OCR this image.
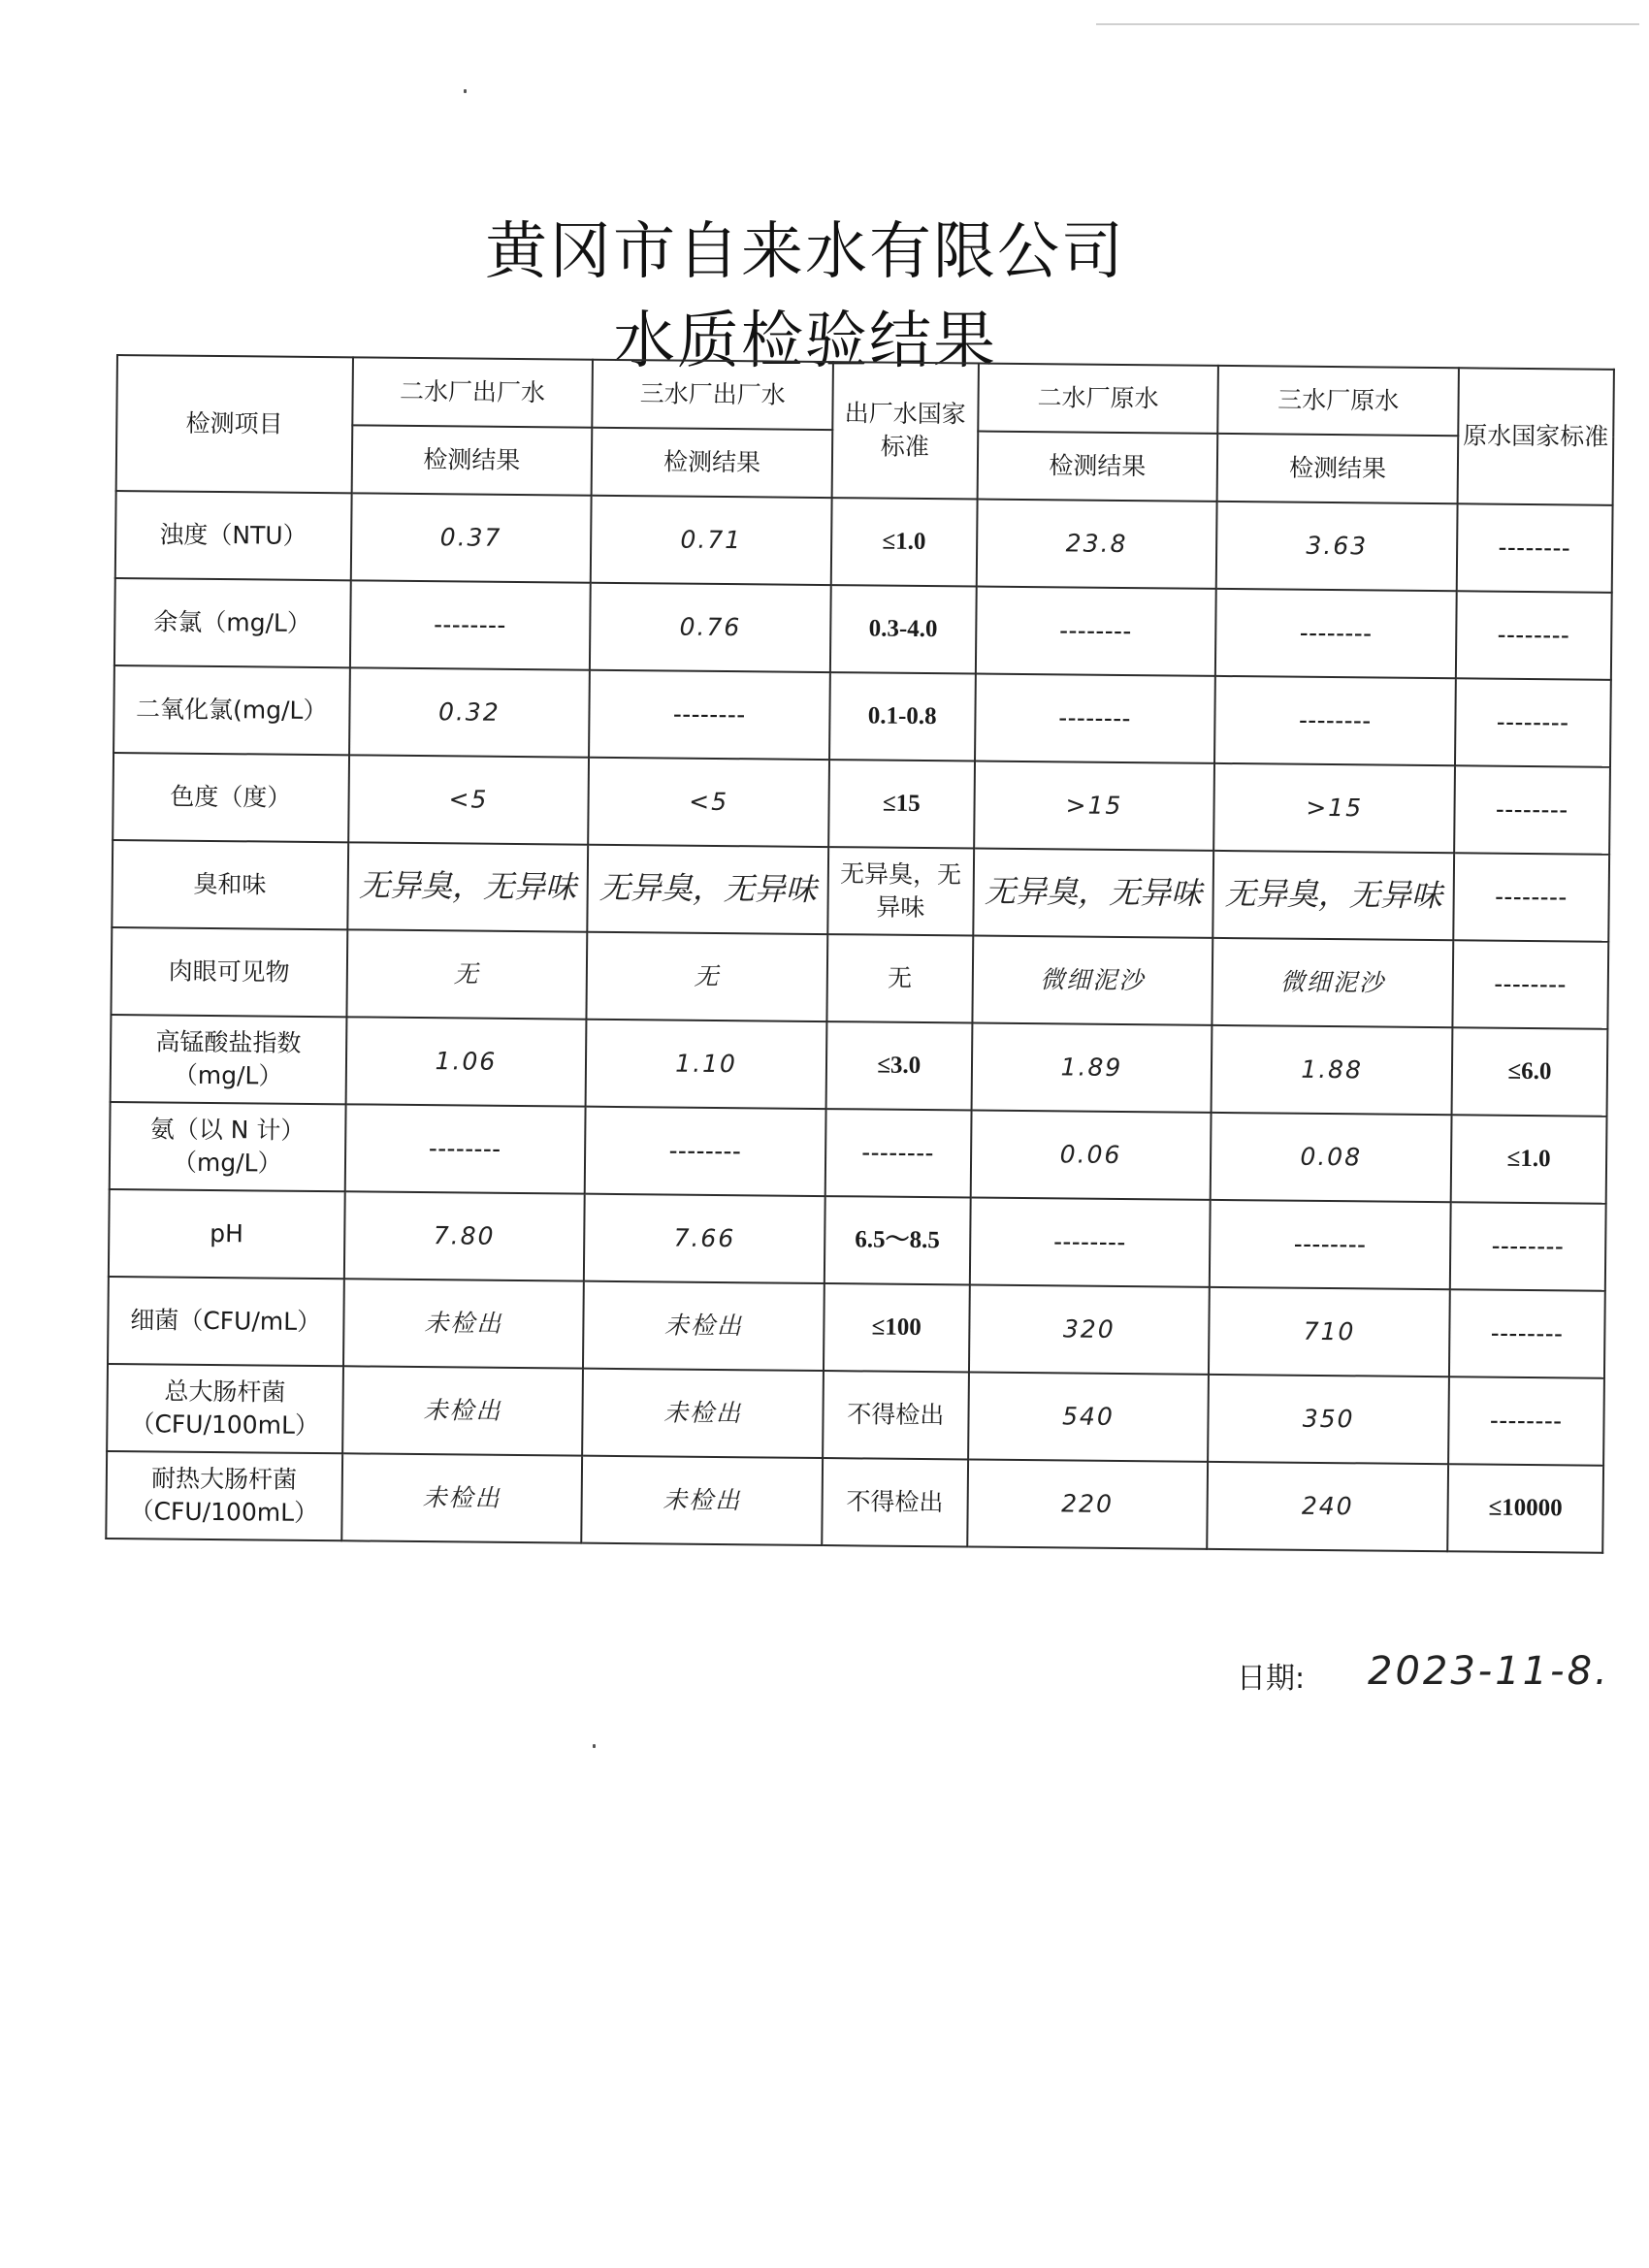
黄冈市自来水有限公司
水质检验结果
检测项目	二水厂出厂水	三水厂出厂水	出厂水国家标准	二水厂原水	三水厂原水	原水国家标准
	检测结果	检测结果		检测结果	检测结果	
浊度（NTU）	0.37	0.71	≤1.0	23.8	3.63	--------
余氯（mg/L）	--------	0.76	0.3-4.0	--------	--------	--------
二氧化氯(mg/L）	0.32	--------	0.1-0.8	--------	--------	--------
色度（度）	<5	<5	≤15	>15	>15	--------
臭和味	无异臭，无异味	无异臭，无异味	无异臭，无异味	无异臭，无异味	无异臭，无异味	--------
肉眼可见物	无	无	无	微细泥沙	微细泥沙	--------
高锰酸盐指数（mg/L）	1.06	1.10	≤3.0	1.89	1.88	≤6.0
氨（以 N 计）（mg/L）	--------	--------	--------	0.06	0.08	≤1.0
pH	7.80	7.66	6.5～8.5	--------	--------	--------
细菌（CFU/mL）	未检出	未检出	≤100	320	710	--------
总大肠杆菌（CFU/100mL）	未检出	未检出	不得检出	540	350	--------
耐热大肠杆菌（CFU/100mL）	未检出	未检出	不得检出	220	240	≤10000
日期: 2023-11-8.
